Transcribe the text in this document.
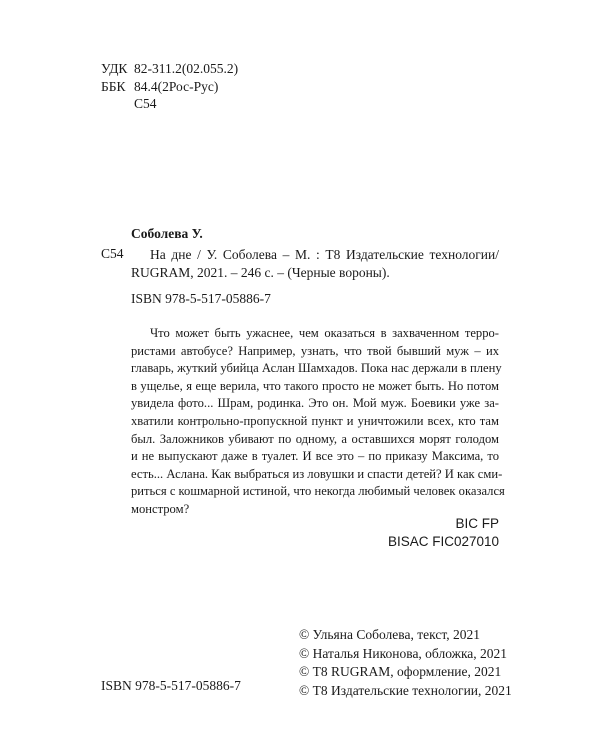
УДК 82-311.2(02.055.2)
ББК 84.4(2Рос-Рус)
С54
Соболева У.
С54	На дне / У. Соболева – М. : Т8 Издательские технологии/
RUGRAM, 2021. – 246 с. – (Черные вороны).
ISBN 978-5-517-05886-7
Что может быть ужаснее, чем оказаться в захваченном терро-
ристами автобусе? Например, узнать, что твой бывший муж – их
главарь, жуткий убийца Аслан Шамхадов. Пока нас держали в плену
в ущелье, я еще верила, что такого просто не может быть. Но потом
увидела фото... Шрам, родинка. Это он. Мой муж. Боевики уже за-
хватили контрольно-пропускной пункт и уничтожили всех, кто там
был. Заложников убивают по одному, а оставшихся морят голодом
и не выпускают даже в туалет. И все это – по приказу Максима, то
есть... Аслана. Как выбраться из ловушки и спасти детей? И как сми-
риться с кошмарной истиной, что некогда любимый человек оказался
монстром?
BIC FP
BISAC FIC027010
© Ульяна Соболева, текст, 2021
© Наталья Никонова, обложка, 2021
© Т8 RUGRAM, оформление, 2021
© Т8 Издательские технологии, 2021
ISBN 978-5-517-05886-7
